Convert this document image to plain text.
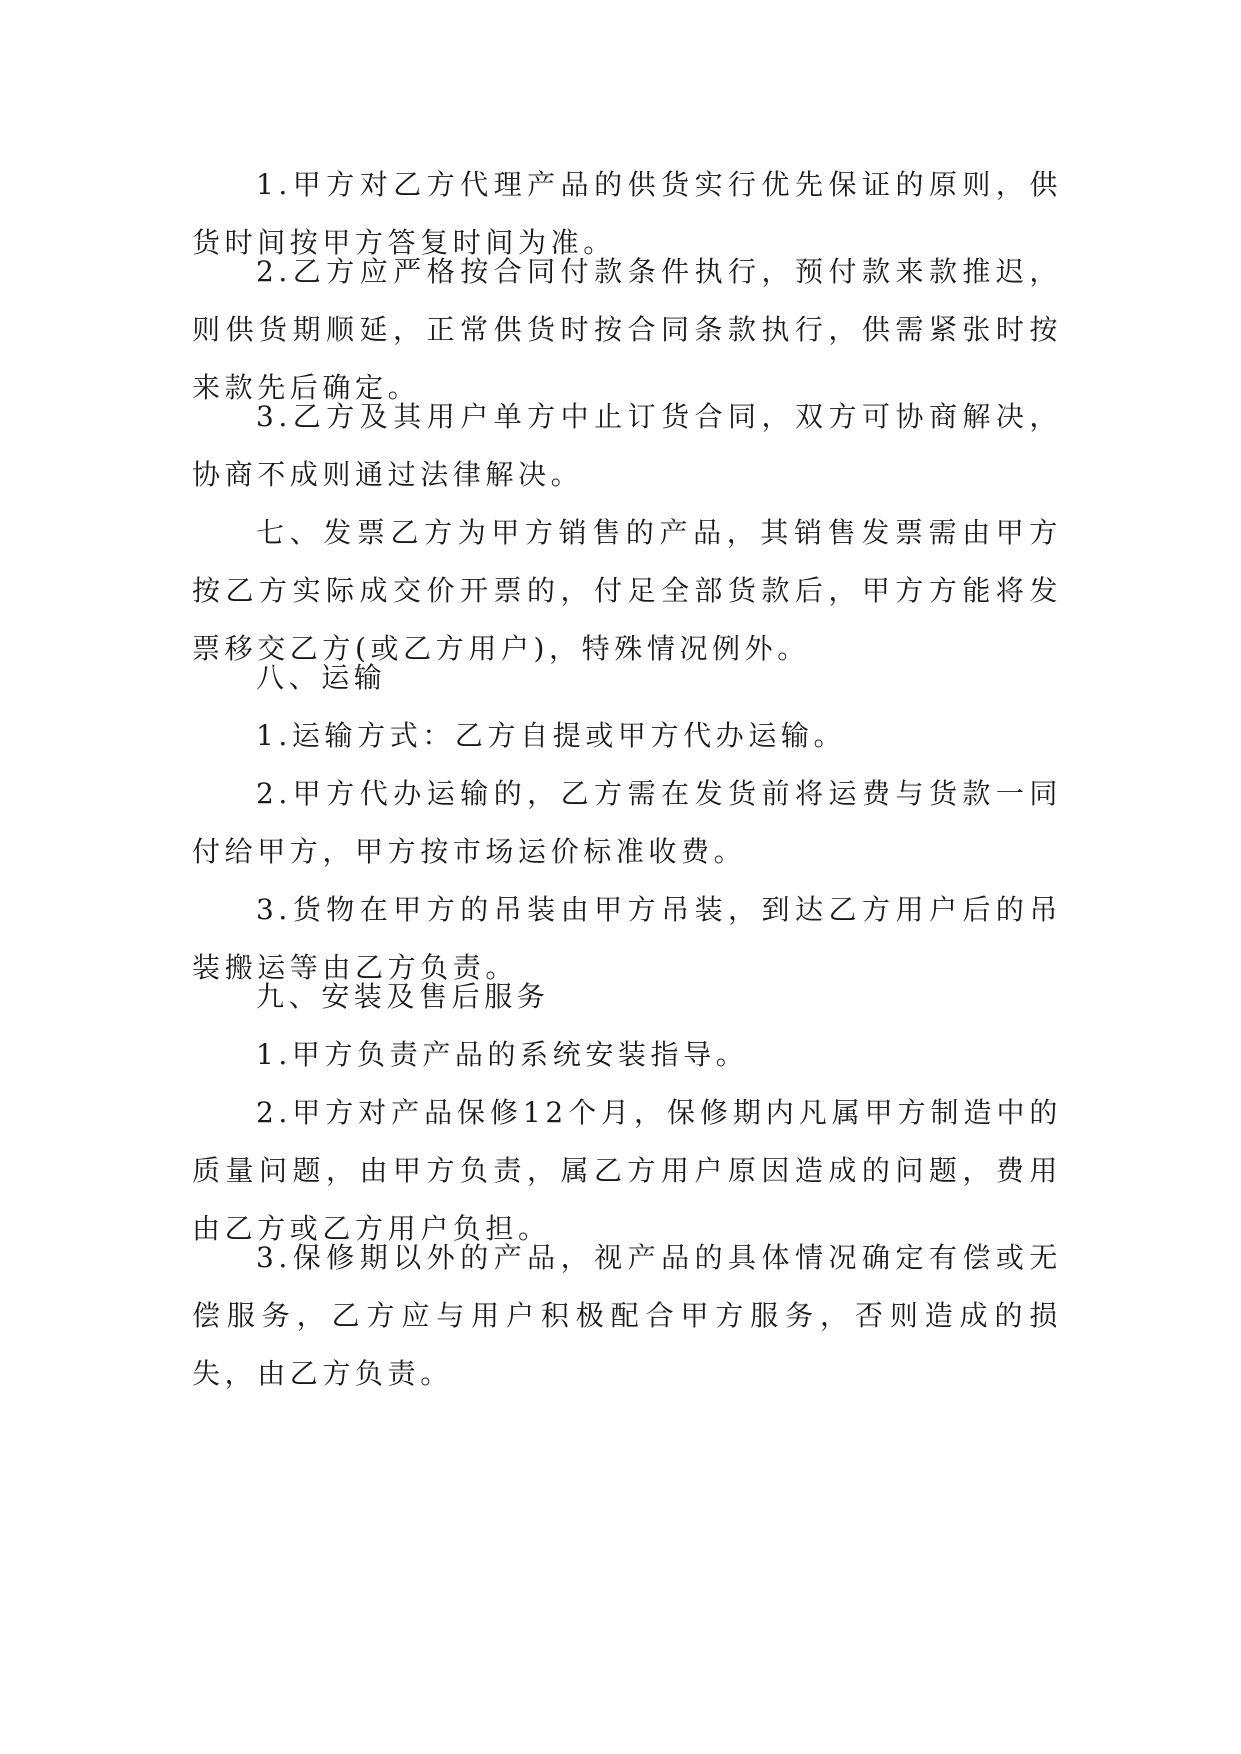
1.甲方对乙方代理产品的供货实行优先保证的原则，供货时间按甲方答复时间为准。

2.乙方应严格按合同付款条件执行，预付款来款推迟，则供货期顺延，正常供货时按合同条款执行，供需紧张时按来款先后确定。

3.乙方及其用户单方中止订货合同，双方可协商解决，协商不成则通过法律解决。

七、发票乙方为甲方销售的产品，其销售发票需由甲方按乙方实际成交价开票的，付足全部货款后，甲方方能将发票移交乙方(或乙方用户)，特殊情况例外。

八、运输

1.运输方式：乙方自提或甲方代办运输。

2.甲方代办运输的，乙方需在发货前将运费与货款一同付给甲方，甲方按市场运价标准收费。

3.货物在甲方的吊装由甲方吊装，到达乙方用户后的吊装搬运等由乙方负责。

九、安装及售后服务

1.甲方负责产品的系统安装指导。

2.甲方对产品保修12个月，保修期内凡属甲方制造中的质量问题，由甲方负责，属乙方用户原因造成的问题，费用由乙方或乙方用户负担。

3.保修期以外的产品，视产品的具体情况确定有偿或无偿服务，乙方应与用户积极配合甲方服务，否则造成的损失，由乙方负责。
